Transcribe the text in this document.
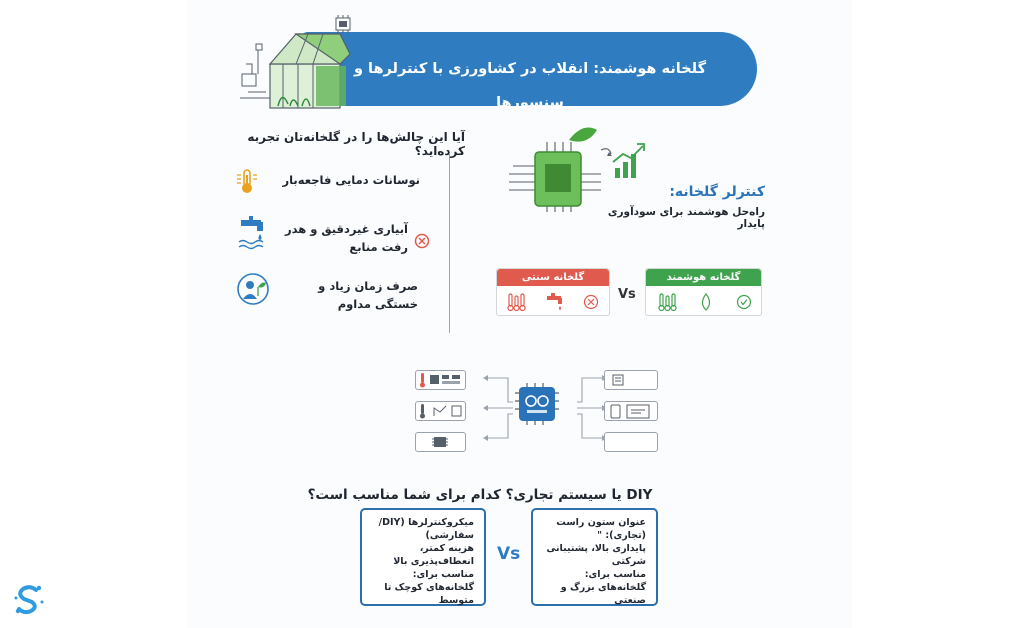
گلخانه هوشمند: انقلاب در کشاورزی با کنترلرها و سنسورها
آیا این چالش‌ها را در گلخانه‌تان تجربه کرده‌اید؟
نوسانات دمایی فاجعه‌بار
آبیاری غیردقیق و هدر رفت منابع
صرف زمان زیاد و خستگی مداوم
کنترلر گلخانه:
راه‌حل هوشمند برای سودآوری پایدار
گلخانه سنتی
Vs
گلخانه هوشمند
DIY یا سیستم تجاری؟ کدام برای شما مناسب است؟
میکروکنترلرها (DIY/سفارشی)
هزینه کمتر، انعطاف‌پذیری بالا
مناسب برای:
گلخانه‌های کوچک تا متوسط
Vs
عنوان ستون راست (تجاری): "
پایداری بالا، پشتیبانی شرکتی
مناسب برای:
گلخانه‌های بزرگ و صنعتی
